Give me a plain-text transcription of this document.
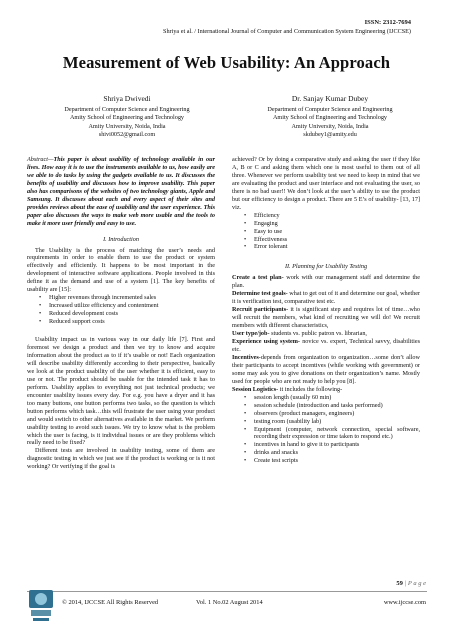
ISSN: 2312-7694
Shriya et al. / International Journal of Computer and Communication System Engineering (IJCCSE)
Measurement of Web Usability: An Approach
Shriya Dwivedi
Department of Computer Science and Engineering
Amity School of Engineering and Technology
Amity University, Noida, India
shivi0052@gmail.com
Dr. Sanjay Kumar Dubey
Department of Computer Science and Engineering
Amity School of Engineering and Technology
Amity University, Noida, India
skdubey1@amity.edu

Abstract—This paper is about usability of technology available in our lives. How easy it is to use the instruments available to us, how easily are we able to do tasks by using the gadgets available to us. It discusses the benefits of usability and discusses how to improve usability. This paper also has comparisons of the websites of two technology giants, Apple and Samsung. It discusses about each and every aspect of their sites and provides reviews about the ease of usability and the user experience. This paper also discusses the ways to make web more usable and the tools to make it more user friendly and easy to use.

I. Introduction

The Usability is the process of matching the user’s needs and requirements in order to enable them to use the product or system effectively and efficiently. It happens to be most important in the development of interactive software applications. People involved in this define it as the demand and use of a system [1]. The key benefits of usability are [15]:

• Higher revenues through incremented sales
• Increased utilize efficiency and contentment
• Reduced development costs
• Reduced support costs

Usability impact us in various way in our daily life [7]. First and foremost we design a product and then we try to know and acquire information about the product as to if it’s usable or not! Each organization will describe usability differently according to their perspective, basically we look at the product usability of the user whether it is efficient, easy to use or not. The product should be usable for the intended task it has to perform. Usability applies to everything not just technical products; we encounter usability issues every day. For e.g. you have a dryer and it has too many buttons, one button performs two tasks, so the question is which button performs which task…this will frustrate the user using your product and would switch to other alternatives available in the market. We perform usability testing to avoid such issues. We try to know what is the problem which the user is facing, is it individual issues or are they problems which really need to be fixed?

Different tests are involved in usability testing, some of them are diagnostic testing in which we just see if the product is working or is it not working? Or verifying if the goal is

achieved? Or by doing a comparative study and asking the user if they like A, B or C and asking them which one is most useful to them out of all three. Whenever we perform usability test we need to keep in mind that we are evaluating the product and user interface and not evaluating the user, so there is no bad user!! We don’t look at the user’s ability to use the product but our efficiency to design a product. There are 5 E’s of usability- [13, 17] viz.

• Efficiency
• Engaging
• Easy to use
• Effectiveness
• Error tolerant
II. Planning for Usability Testing

Create a test plan- work with our management staff and determine the plan.

Determine test goals- what to get out of it and determine our goal, whether it is verification test, comparative test etc.

Recruit participants- it is significant step and requires lot of time…who will recruit the members, what kind of recruiting we will do! We recruit members with different characteristics,

User type/job- students vs. public patron vs. librarian,

Experience using system- novice vs. expert, Technical savvy, disabilities etc.

Incentives-depends from organization to organization…some don’t allow their participants to accept incentives (while working with government) or some may ask you to give donations on their organization’s name. Mostly used for people who are not ready to help you [8].

Session Logistics- it includes the following-

• session length (usually 60 min)
• session schedule (introduction and tasks performed)
• observers (product managers, engineers)
• testing room (usability lab)
• Equipment (computer, network connection, special software, recording their expression or time taken to respond etc.)
• incentives in hand to give it to participants
• drinks and snacks
• Create test scripts
59 | P a g e
© 2014, IJCCSE All Rights Reserved	Vol. 1 No.02 August 2014	www.ijccse.com
